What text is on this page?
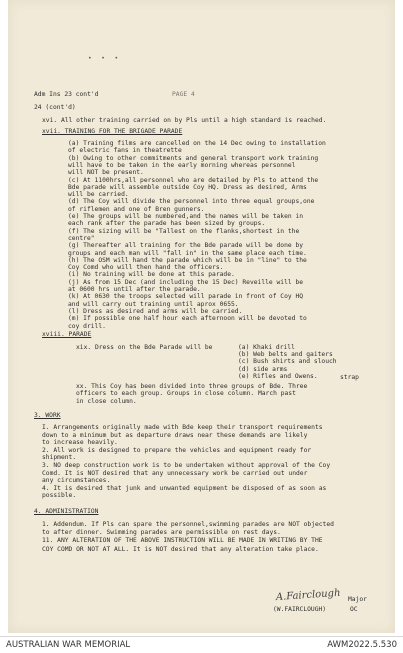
• • •
Adm Ins 23 cont'd	PAGE 4
24 (cont'd)
xvi. All other training carried on by Pls until a high standard is reached.
xvii. TRAINING FOR THE BRIGADE PARADE
(a) Training films are cancelled on the 14 Dec owing to installation
of electric fans in theatrette
(b) Owing to other commitments and general transport work training
will have to be taken in the early morning whereas personnel
will NOT be present.
(c) At 1100hrs,all personnel who are detailed by Pls to attend the
Bde parade will assemble outside Coy HQ. Dress as desired, Arms
will be carried.
(d) The Coy will divide the personnel into three equal groups,one
of riflemen and one of Bren gunners.
(e) The groups will be numbered,and the names will be taken in
each rank after the parade has been sized by groups.
(f) The sizing will be "Tallest on the flanks,shortest in the
centre"
(g) Thereafter all training for the Bde parade will be done by
groups and each man will "fall in" in the same place each time.
(h) The OSM will hand the parade which will be in "line" to the
Coy Comd who will then hand the officers.
(i) No training will be done at this parade.
(j) As from 15 Dec (and including the 15 Dec) Reveille will be
at 0600 hrs until after the parade.
(k) At 0630 the troops selected will parade in front of Coy HQ
and will carry out training until aprox 0655.
(l) Dress as desired and arms will be carried.
(m) If possible one half hour each afternoon will be devoted to
coy drill.
xviii. PARADE
xix. Dress on the Bde Parade will be	(a) Khaki drill
(b) Web belts and gaiters
(c) Bush shirts and slouch
(d) side arms
(e) Rifles and Owens.	strap
xx. This Coy has been divided into three groups of Bde. Three
officers to each group. Groups in close column. March past
in close column.
3. WORK
I. Arrangements originally made with Bde keep their transport requirements
down to a minimum but as departure draws near these demands are likely
to increase heavily.
2. All work is designed to prepare the vehicles and equipment ready for
shipment.
3. NO deep construction work is to be undertaken without approval of the Coy
Comd. It is NOT desired that any unnecessary work be carried out under
any circumstances.
4. It is desired that junk and unwanted equipment be disposed of as soon as
possible.
4. ADMINISTRATION
1. Addendum. If Pls can spare the personnel,swimming parades are NOT objected
to after dinner. Swimming parades are permissible on rest days.
11. ANY ALTERATION OF THE ABOVE INSTRUCTION WILL BE MADE IN WRITING BY THE
COY COMD OR NOT AT ALL. It is NOT desired that any alteration take place.
A.Fairclough Major
(W.FAIRCLOUGH)	OC
AUSTRALIAN WAR MEMORIAL	AWM2022.5.530
